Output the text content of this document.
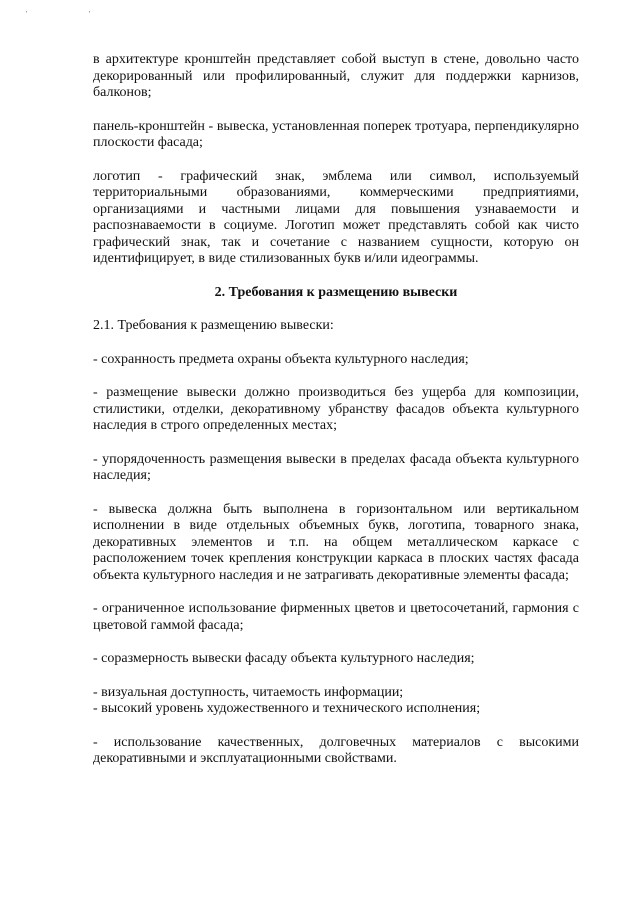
' '

в архитектуре кронштейн представляет собой выступ в стене, довольно часто декорированный или профилированный, служит для поддержки карнизов, балконов;

панель-кронштейн - вывеска, установленная поперек тротуара, перпендикулярно плоскости фасада;

логотип - графический знак, эмблема или символ, используемый территориальными образованиями, коммерческими предприятиями, организациями и частными лицами для повышения узнаваемости и распознаваемости в социуме. Логотип может представлять собой как чисто графический знак, так и сочетание с названием сущности, которую он идентифицирует, в виде стилизованных букв и/или идеограммы.

2. Требования к размещению вывески

2.1. Требования к размещению вывески:

- сохранность предмета охраны объекта культурного наследия;

- размещение вывески должно производиться без ущерба для композиции, стилистики, отделки, декоративному убранству фасадов объекта культурного наследия в строго определенных местах;

- упорядоченность размещения вывески в пределах фасада объекта культурного наследия;

- вывеска должна быть выполнена в горизонтальном или вертикальном исполнении в виде отдельных объемных букв, логотипа, товарного знака, декоративных элементов и т.п. на общем металлическом каркасе с расположением точек крепления конструкции каркаса в плоских частях фасада объекта культурного наследия и не затрагивать декоративные элементы фасада;

- ограниченное использование фирменных цветов и цветосочетаний, гармония с цветовой гаммой фасада;

- соразмерность вывески фасаду объекта культурного наследия;

- визуальная доступность, читаемость информации;

- высокий уровень художественного и технического исполнения;

- использование качественных, долговечных материалов с высокими декоративными и эксплуатационными свойствами.
